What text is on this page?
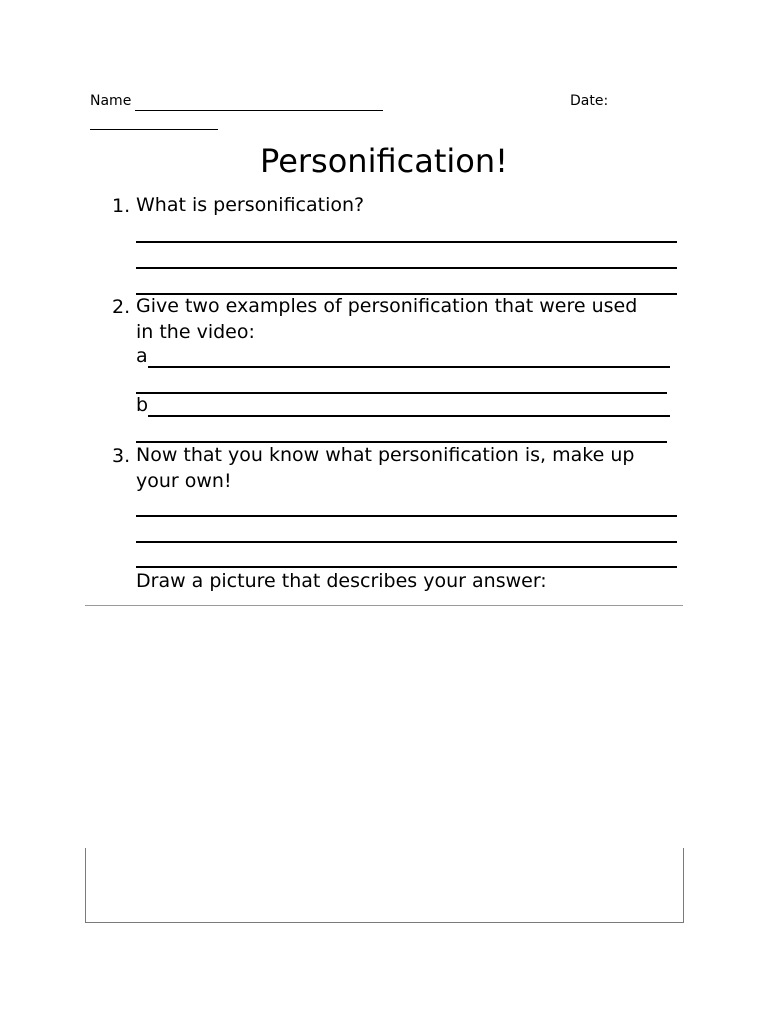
Name	Date:
Personification!
1. What is personification?
2. Give two examples of personification that were used
in the video:
a
b
3. Now that you know what personification is, make up
your own!
Draw a picture that describes your answer:
